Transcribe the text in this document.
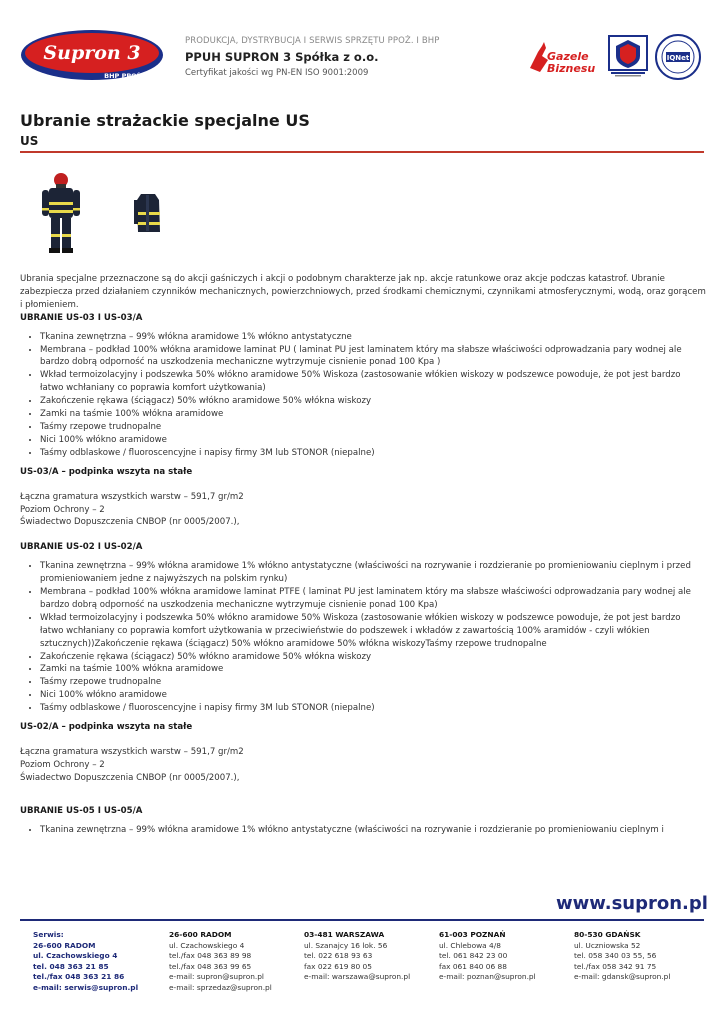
Supron 3
BHP PPOŻ.
PRODUKCJA, DYSTRYBUCJA I SERWIS SPRZĘTU PPOŻ. I BHP
PPUH SUPRON 3 Spółka z o.o.
Certyfikat jakości wg PN-EN ISO 9001:2009
Gazele
Biznesu
IQNet
Ubranie strażackie specjalne US
US

Ubrania specjalne przeznaczone są do akcji gaśniczych i akcji o podobnym charakterze jak np. akcje ratunkowe oraz akcje podczas katastrof. Ubranie zabezpiecza przed działaniem czynników mechanicznych, powierzchniowych, przed środkami chemicznymi, czynnikami atmosferycznymi, wodą, oraz gorącem i płomieniem.

UBRANIE US-03 I US-03/A

• Tkanina zewnętrzna – 99% włókna aramidowe 1% włókno antystatyczne
• Membrana – podkład 100% włókna aramidowe laminat PU ( laminat PU jest laminatem który ma słabsze właściwości odprowadzania pary wodnej ale bardzo dobrą odporność na uszkodzenia mechaniczne wytrzymuje cisnienie ponad 100 Kpa )
• Wkład termoizolacyjny i podszewka 50% włókno aramidowe 50% Wiskoza (zastosowanie włókien wiskozy w podszewce powoduje, że pot jest bardzo łatwo wchłaniany co poprawia komfort użytkowania)
• Zakończenie rękawa (ściągacz) 50% włókno aramidowe 50% włókna wiskozy
• Zamki na taśmie 100% włókna aramidowe
• Taśmy rzepowe trudnopalne
• Nici 100% włókno aramidowe
• Taśmy odblaskowe / fluoroscencyjne i napisy firmy 3M lub STONOR (niepalne)

US-03/A – podpinka wszyta na stałe

Łączna gramatura wszystkich warstw – 591,7 gr/m2

Poziom Ochrony – 2

Świadectwo Dopuszczenia CNBOP (nr 0005/2007.),

UBRANIE US-02 I US-02/A

• Tkanina zewnętrzna – 99% włókna aramidowe 1% włókno antystatyczne (właściwości na rozrywanie i rozdzieranie po promieniowaniu cieplnym i przed promieniowaniem jedne z najwyższych na polskim rynku)
• Membrana – podkład 100% włókna aramidowe laminat PTFE ( laminat PU jest laminatem który ma słabsze właściwości odprowadzania pary wodnej ale bardzo dobrą odporność na uszkodzenia mechaniczne wytrzymuje cisnienie ponad 100 Kpa)
• Wkład termoizolacyjny i podszewka 50% włókno aramidowe 50% Wiskoza (zastosowanie włókien wiskozy w podszewce powoduje, że pot jest bardzo łatwo wchłaniany co poprawia komfort użytkowania w przeciwieństwie do podszewek i wkładów z zawartością 100% aramidów - czyli włókien sztucznych))Zakończenie rękawa (ściągacz) 50% włókno aramidowe 50% włókna wiskozyTaśmy rzepowe trudnopalne
• Zakończenie rękawa (ściągacz) 50% włókno aramidowe 50% włókna wiskozy
• Zamki na taśmie 100% włókna aramidowe
• Taśmy rzepowe trudnopalne
• Nici 100% włókno aramidowe
• Taśmy odblaskowe / fluoroscencyjne i napisy firmy 3M lub STONOR (niepalne)

US-02/A – podpinka wszyta na stałe

Łączna gramatura wszystkich warstw – 591,7 gr/m2

Poziom Ochrony – 2

Świadectwo Dopuszczenia CNBOP (nr 0005/2007.),

UBRANIE US-05 I US-05/A

• Tkanina zewnętrzna – 99% włókna aramidowe 1% włókno antystatyczne (właściwości na rozrywanie i rozdzieranie po promieniowaniu cieplnym i
www.supron.pl
Serwis:
26-600 RADOM
ul. Czachowskiego 4
tel. 048 363 21 85
tel./fax 048 363 21 86
e-mail: serwis@supron.pl
26-600 RADOM
ul. Czachowskiego 4
tel./fax 048 363 89 98
tel./fax 048 363 99 65
e-mail: supron@supron.pl
e-mail: sprzedaz@supron.pl
03-481 WARSZAWA
ul. Szanajcy 16 lok. 56
tel. 022 618 93 63
fax 022 619 80 05
e-mail: warszawa@supron.pl
61-003 POZNAŃ
ul. Chlebowa 4/8
tel. 061 842 23 00
fax 061 840 06 88
e-mail: poznan@supron.pl
80-530 GDAŃSK
ul. Uczniowska 52
tel. 058 340 03 55, 56
tel./fax 058 342 91 75
e-mail: gdansk@supron.pl
